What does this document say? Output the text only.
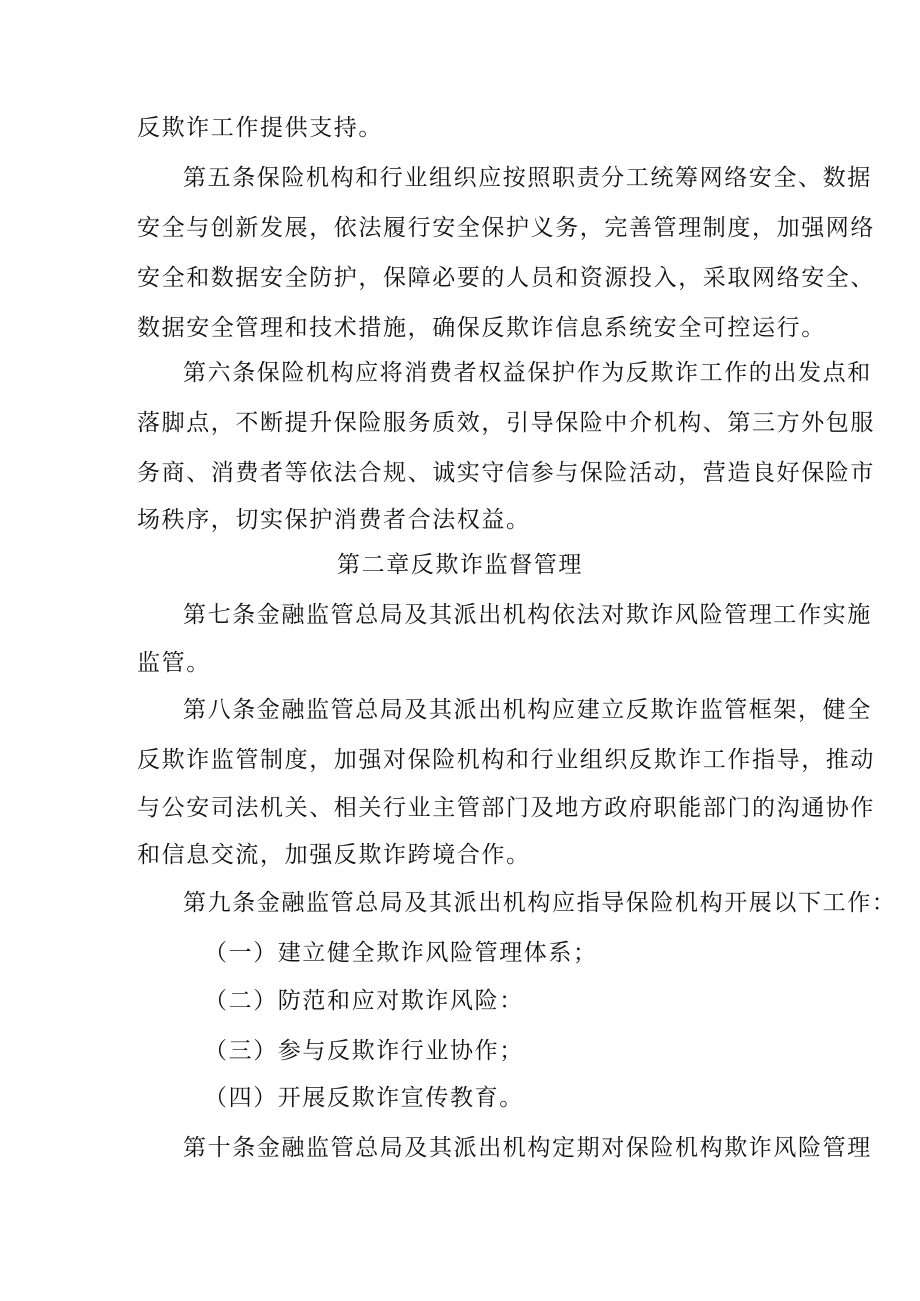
反欺诈工作提供支持。
第五条保险机构和行业组织应按照职责分工统筹网络安全、数据
安全与创新发展，依法履行安全保护义务，完善管理制度，加强网络
安全和数据安全防护，保障必要的人员和资源投入，采取网络安全、
数据安全管理和技术措施，确保反欺诈信息系统安全可控运行。
第六条保险机构应将消费者权益保护作为反欺诈工作的出发点和
落脚点，不断提升保险服务质效，引导保险中介机构、第三方外包服
务商、消费者等依法合规、诚实守信参与保险活动，营造良好保险市
场秩序，切实保护消费者合法权益。
第二章反欺诈监督管理
第七条金融监管总局及其派出机构依法对欺诈风险管理工作实施
监管。
第八条金融监管总局及其派出机构应建立反欺诈监管框架，健全
反欺诈监管制度，加强对保险机构和行业组织反欺诈工作指导，推动
与公安司法机关、相关行业主管部门及地方政府职能部门的沟通协作
和信息交流，加强反欺诈跨境合作。
第九条金融监管总局及其派出机构应指导保险机构开展以下工作：
（一）建立健全欺诈风险管理体系；
（二）防范和应对欺诈风险：
（三）参与反欺诈行业协作；
（四）开展反欺诈宣传教育。
第十条金融监管总局及其派出机构定期对保险机构欺诈风险管理
